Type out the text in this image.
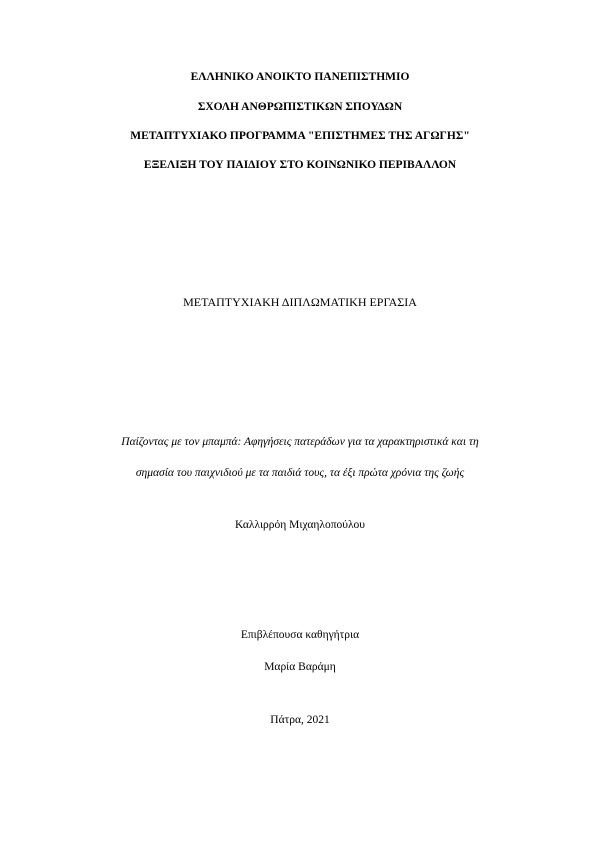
ΕΛΛΗΝΙΚΟ ΑΝΟΙΚΤΟ ΠΑΝΕΠΙΣΤΗΜΙΟ
ΣΧΟΛΗ ΑΝΘΡΩΠΙΣΤΙΚΩΝ ΣΠΟΥΔΩΝ
ΜΕΤΑΠΤΥΧΙΑΚΟ ΠΡΟΓΡΑΜΜΑ "ΕΠΙΣΤΗΜΕΣ ΤΗΣ ΑΓΩΓΗΣ"
ΕΞΕΛΙΞΗ ΤΟΥ ΠΑΙΔΙΟΥ ΣΤΟ ΚΟΙΝΩΝΙΚΟ ΠΕΡΙΒΑΛΛΟΝ
ΜΕΤΑΠΤΥΧΙΑΚΗ ΔΙΠΛΩΜΑΤΙΚΗ ΕΡΓΑΣΙΑ
Παίζοντας με τον μπαμπά: Αφηγήσεις πατεράδων για τα χαρακτηριστικά και τη
σημασία του παιχνιδιού με τα παιδιά τους, τα έξι πρώτα χρόνια της ζωής
Καλλιρρόη Μιχαηλοπούλου
Επιβλέπουσα καθηγήτρια
Μαρία Βαράμη
Πάτρα, 2021
